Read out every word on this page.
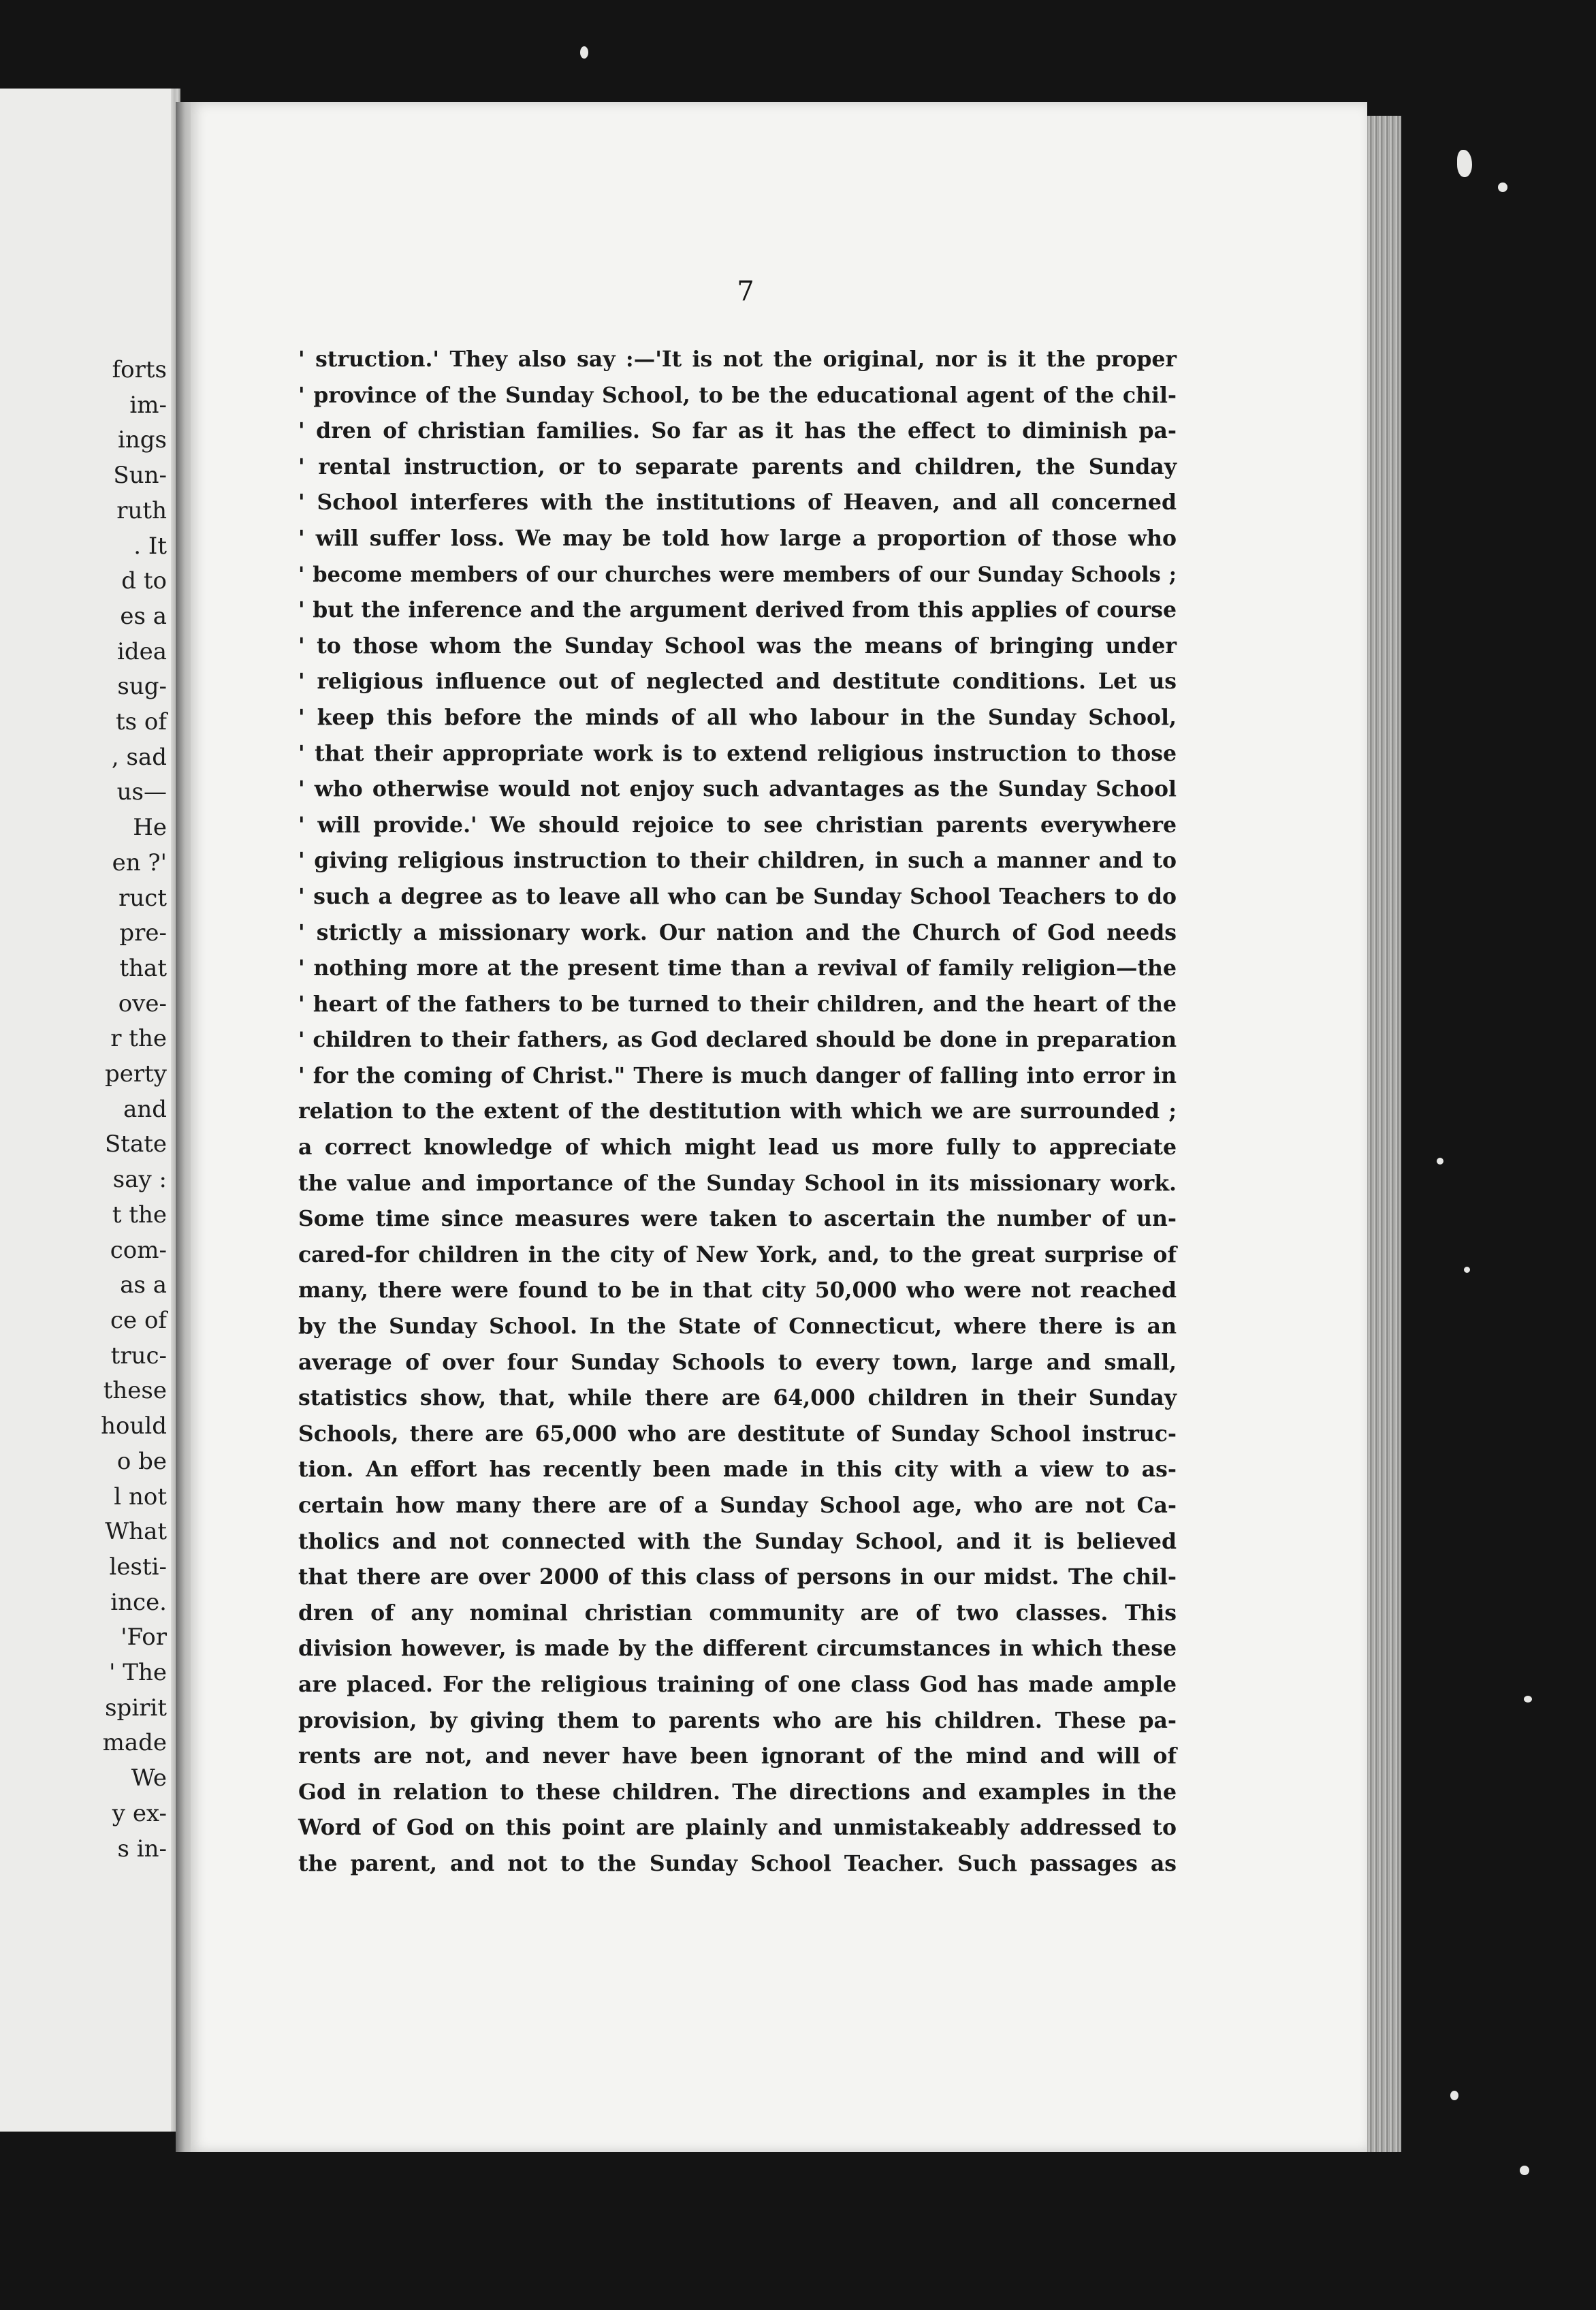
forts
im-
ings
Sun-
ruth
. It
d to
es a
idea
sug-
ts of
, sad
us—
He
en ?'
ruct
pre-
that
ove-
r the
perty
and
State
say :
t the
com-
as a
ce of
truc-
these
hould
o be
l not
What
lesti-
ince.
'For
' The
spirit
made
We
y ex-
s in-
7
' struction.' They also say :—'It is not the original, nor is it the proper
' province of the Sunday School, to be the educational agent of the chil-
' dren of christian families. So far as it has the effect to diminish pa-
' rental instruction, or to separate parents and children, the Sunday
' School interferes with the institutions of Heaven, and all concerned
' will suffer loss. We may be told how large a proportion of those who
' become members of our churches were members of our Sunday Schools ;
' but the inference and the argument derived from this applies of course
' to those whom the Sunday School was the means of bringing under
' religious influence out of neglected and destitute conditions. Let us
' keep this before the minds of all who labour in the Sunday School,
' that their appropriate work is to extend religious instruction to those
' who otherwise would not enjoy such advantages as the Sunday School
' will provide.' We should rejoice to see christian parents everywhere
' giving religious instruction to their children, in such a manner and to
' such a degree as to leave all who can be Sunday School Teachers to do
' strictly a missionary work. Our nation and the Church of God needs
' nothing more at the present time than a revival of family religion—the
' heart of the fathers to be turned to their children, and the heart of the
' children to their fathers, as God declared should be done in preparation
' for the coming of Christ." There is much danger of falling into error in
relation to the extent of the destitution with which we are surrounded ;
a correct knowledge of which might lead us more fully to appreciate
the value and importance of the Sunday School in its missionary work.
Some time since measures were taken to ascertain the number of un-
cared-for children in the city of New York, and, to the great surprise of
many, there were found to be in that city 50,000 who were not reached
by the Sunday School. In the State of Connecticut, where there is an
average of over four Sunday Schools to every town, large and small,
statistics show, that, while there are 64,000 children in their Sunday
Schools, there are 65,000 who are destitute of Sunday School instruc-
tion. An effort has recently been made in this city with a view to as-
certain how many there are of a Sunday School age, who are not Ca-
tholics and not connected with the Sunday School, and it is believed
that there are over 2000 of this class of persons in our midst. The chil-
dren of any nominal christian community are of two classes. This
division however, is made by the different circumstances in which these
are placed. For the religious training of one class God has made ample
provision, by giving them to parents who are his children. These pa-
rents are not, and never have been ignorant of the mind and will of
God in relation to these children. The directions and examples in the
Word of God on this point are plainly and unmistakeably addressed to
the parent, and not to the Sunday School Teacher. Such passages as
